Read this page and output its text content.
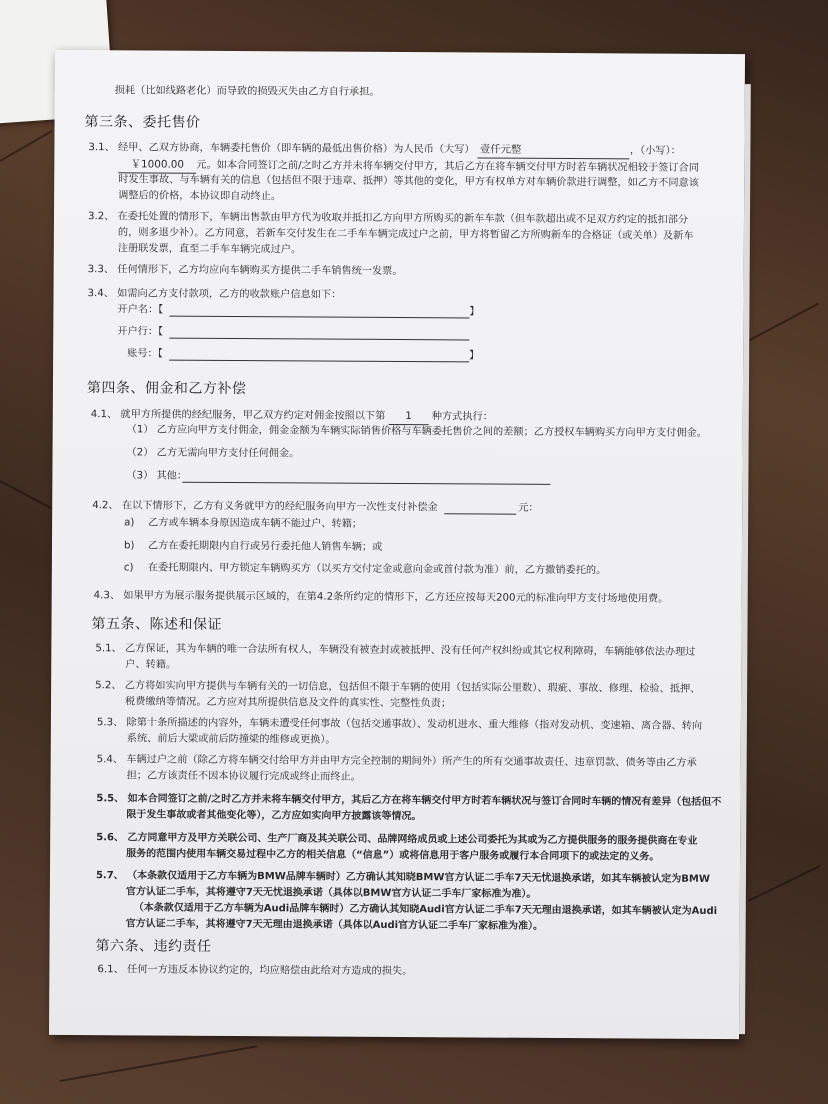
损耗（比如线路老化）而导致的损毁灭失由乙方自行承担。
第三条、委托售价
3.1、 经甲、乙双方协商，车辆委托售价（即车辆的最低出售价格）为人民币（大写） 壹仟元整	，（小写）：
￥1000.00 元。如本合同签订之前/之时乙方并未将车辆交付甲方，其后乙方在将车辆交付甲方时若车辆状况相较于签订合同
时发生事故、与车辆有关的信息（包括但不限于违章、抵押）等其他的变化，甲方有权单方对车辆价款进行调整，如乙方不同意该
调整后的价格，本协议即自动终止。
3.2、 在委托处置的情形下，车辆出售款由甲方代为收取并抵扣乙方向甲方所购买的新车车款（但车款超出或不足双方约定的抵扣部分
的，则多退少补）。乙方同意，若新车交付发生在二手车车辆完成过户之前，甲方将暂留乙方所购新车的合格证（或关单）及新车
注册联发票，直至二手车车辆完成过户。
3.3、 任何情形下，乙方均应向车辆购买方提供二手车销售统一发票。
3.4、 如需向乙方支付款项，乙方的收款账户信息如下：
开户名：【	】
开户行：【
账号：【	】
第四条、佣金和乙方补偿
4.1、 就甲方所提供的经纪服务，甲乙双方约定对佣金按照以下第 1 种方式执行：
（1） 乙方应向甲方支付佣金，佣金金额为车辆实际销售价格与车辆委托售价之间的差额；乙方授权车辆购买方向甲方支付佣金。
（2） 乙方无需向甲方支付任何佣金。
（3） 其他：
4.2、 在以下情形下，乙方有义务就甲方的经纪服务向甲方一次性支付补偿金	元：
a) 乙方或车辆本身原因造成车辆不能过户、转籍；
b) 乙方在委托期限内自行或另行委托他人销售车辆；或
c) 在委托期限内、甲方锁定车辆购买方（以买方交付定金或意向金或首付款为准）前，乙方撤销委托的。
4.3、 如果甲方为展示服务提供展示区域的，在第4.2条所约定的情形下，乙方还应按每天200元的标准向甲方支付场地使用费。
第五条、陈述和保证
5.1、 乙方保证，其为车辆的唯一合法所有权人，车辆没有被查封或被抵押、没有任何产权纠纷或其它权利障碍，车辆能够依法办理过
户、转籍。
5.2、 乙方将如实向甲方提供与车辆有关的一切信息，包括但不限于车辆的使用（包括实际公里数）、瑕疵、事故、修理、检验、抵押、
税费缴纳等情况。乙方应对其所提供信息及文件的真实性、完整性负责；
5.3、 除第十条所描述的内容外，车辆未遭受任何事故（包括交通事故）、发动机进水、重大维修（指对发动机、变速箱、离合器、转向
系统、前后大梁或前后防撞梁的维修或更换）。
5.4、 车辆过户之前（除乙方将车辆交付给甲方并由甲方完全控制的期间外）所产生的所有交通事故责任、违章罚款、债务等由乙方承
担；乙方该责任不因本协议履行完成或终止而终止。
5.5、 如本合同签订之前/之时乙方并未将车辆交付甲方，其后乙方在将车辆交付甲方时若车辆状况与签订合同时车辆的情况有差异（包括但不
限于发生事故或者其他变化等），乙方应如实向甲方披露该等情况。
5.6、 乙方同意甲方及甲方关联公司、生产厂商及其关联公司、品牌网络成员或上述公司委托为其或为乙方提供服务的服务提供商在专业
服务的范围内使用车辆交易过程中乙方的相关信息（“信息”）或将信息用于客户服务或履行本合同项下的或法定的义务。
5.7、 （本条款仅适用于乙方车辆为BMW品牌车辆时）乙方确认其知晓BMW官方认证二手车7天无忧退换承诺，如其车辆被认定为BMW
官方认证二手车，其将遵守7天无忧退换承诺（具体以BMW官方认证二手车厂家标准为准）。
（本条款仅适用于乙方车辆为Audi品牌车辆时）乙方确认其知晓Audi官方认证二手车7天无理由退换承诺，如其车辆被认定为Audi
官方认证二手车，其将遵守7天无理由退换承诺（具体以Audi官方认证二手车厂家标准为准）。
第六条、违约责任
6.1、 任何一方违反本协议约定的，均应赔偿由此给对方造成的损失。
